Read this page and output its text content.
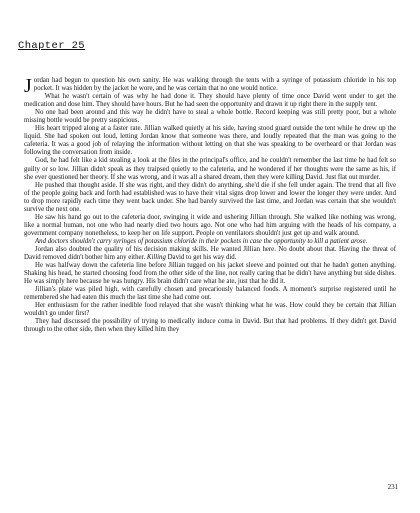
Chapter 25

Jordan had begun to question his own sanity. He was walking through the tents with a syringe of potassium chloride in his top pocket. It was hidden by the jacket he wore, and he was certain that no one would notice.

What he wasn't certain of was why he had done it. They should have plenty of time once David went under to get the medication and dose him. They should have hours. But he had seen the opportunity and drawn it up right there in the supply tent.

No one had been around and this way he didn't have to steal a whole bottle. Record keeping was still pretty poor, but a whole missing bottle would be pretty suspicious.

His heart tripped along at a faster rate. Jillian walked quietly at his side, having stood guard outside the tent while he drew up the liquid. She had spoken out loud, letting Jordan know that someone was there, and loudly repeated that the man was going to the cafeteria. It was a good job of relaying the information without letting on that she was speaking to be overheard or that Jordan was following the conversation from inside.

God, he had felt like a kid stealing a look at the files in the principal's office, and he couldn't remember the last time he had felt so guilty or so low. Jillian didn't speak as they traipsed quietly to the cafeteria, and he wondered if her thoughts were the same as his, if she ever questioned her theory. If she was wrong, and it was all a shared dream, then they were killing David. Just flat out murder.

He pushed that thought aside. If she was right, and they didn't do anything, she'd die if she fell under again. The trend that all five of the people going back and forth had established was to have their vital signs drop lower and lower the longer they were under. And to drop more rapidly each time they went back under. She had barely survived the last time, and Jordan was certain that she wouldn't survive the next one.

He saw his hand go out to the cafeteria door, swinging it wide and ushering Jillian through. She walked like nothing was wrong, like a normal human, not one who had nearly died two hours ago. Not one who had him arguing with the heads of his company, a government company nonetheless, to keep her on life support. People on ventilators shouldn't just get up and walk around.

And doctors shouldn't carry syringes of potassium chloride in their pockets in case the opportunity to kill a patient arose.

Jordan also doubted the quality of his decision making skills. He wanted Jillian here. No doubt about that. Having the threat of David removed didn't bother him any either. Killing David to get his way did.

He was halfway down the cafeteria line before Jillian tugged on his jacket sleeve and pointed out that he hadn't gotten anything. Shaking his head, he started choosing food from the other side of the line, not really caring that he didn't have anything but side dishes. He was simply here because he was hungry. His brain didn't care what he ate, just that he did it.

Jillian's plate was piled high, with carefully chosen and precariously balanced foods. A moment's surprise registered until he remembered she had eaten this much the last time she had come out.

Her enthusiasm for the rather inedible food relayed that she wasn't thinking what he was. How could they be certain that Jillian wouldn't go under first?

They had discussed the possibility of trying to medically induce coma in David. But that had problems. If they didn't get David through to the other side, then when they killed him they

231
